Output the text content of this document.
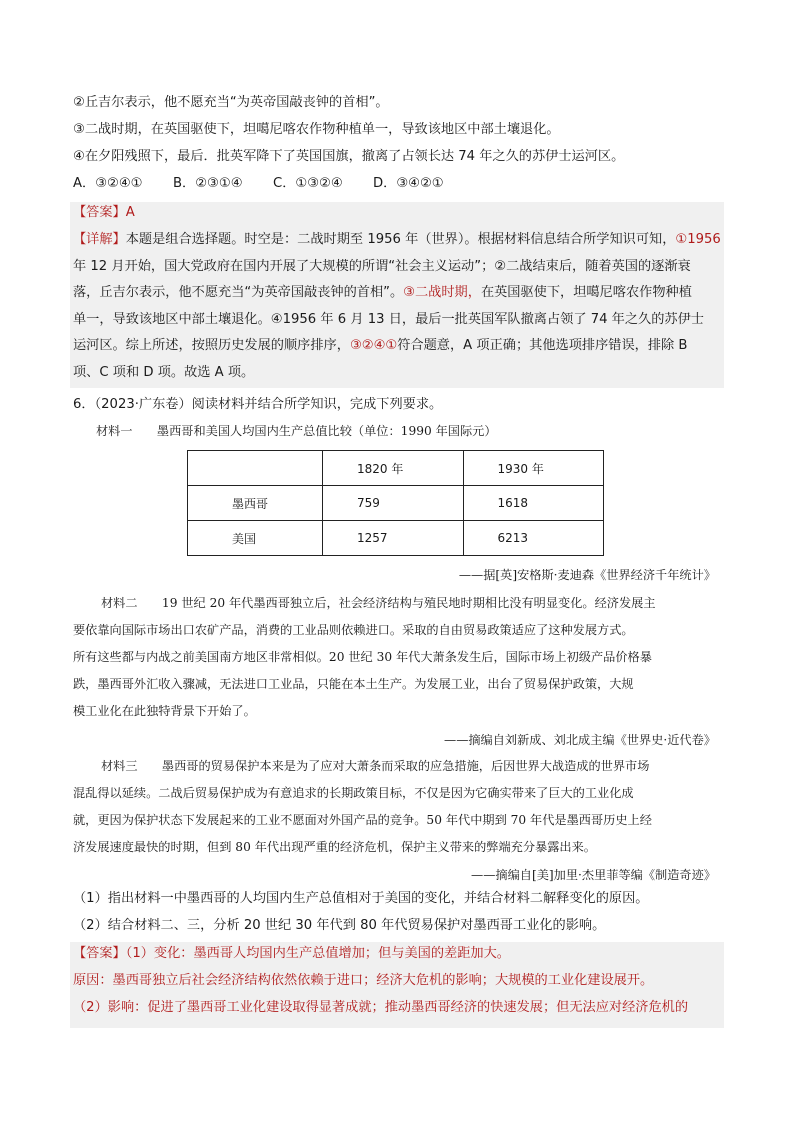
②丘吉尔表示，他不愿充当“为英帝国敲丧钟的首相”。
③二战时期，在英国驱使下，坦噶尼喀农作物种植单一，导致该地区中部土壤退化。
④在夕阳残照下，最后．批英军降下了英国国旗，撤离了占领长达 74 年之久的苏伊士运河区。
A．③②④① B．②③①④ C．①③②④ D．③④②①
【答案】A
【详解】本题是组合选择题。时空是：二战时期至 1956 年（世界）。根据材料信息结合所学知识可知，①1956
年 12 月开始，国大党政府在国内开展了大规模的所谓“社会主义运动”；②二战结束后，随着英国的逐渐衰
落，丘吉尔表示，他不愿充当“为英帝国敲丧钟的首相”。③二战时期，在英国驱使下，坦噶尼喀农作物种植
单一，导致该地区中部土壤退化。④1956 年 6 月 13 日，最后一批英国军队撤离占领了 74 年之久的苏伊士
运河区。综上所述，按照历史发展的顺序排序，③②④①符合题意，A 项正确；其他选项排序错误，排除 B
项、C 项和 D 项。故选 A 项。
6．（2023·广东卷）阅读材料并结合所学知识，完成下列要求。
材料一　　墨西哥和美国人均国内生产总值比较（单位：1990 年国际元）
	1820 年	1930 年
墨西哥	759	1618
美国	1257	6213
——据[英]安格斯·麦迪森《世界经济千年统计》
材料二　　19 世纪 20 年代墨西哥独立后，社会经济结构与殖民地时期相比没有明显变化。经济发展主
要依靠向国际市场出口农矿产品，消费的工业品则依赖进口。采取的自由贸易政策适应了这种发展方式。
所有这些都与内战之前美国南方地区非常相似。20 世纪 30 年代大萧条发生后，国际市场上初级产品价格暴
跌，墨西哥外汇收入骤减，无法进口工业品，只能在本土生产。为发展工业，出台了贸易保护政策，大规
模工业化在此独特背景下开始了。
——摘编自刘新成、刘北成主编《世界史·近代卷》
材料三　　墨西哥的贸易保护本来是为了应对大萧条而采取的应急措施，后因世界大战造成的世界市场
混乱得以延续。二战后贸易保护成为有意追求的长期政策目标，不仅是因为它确实带来了巨大的工业化成
就，更因为保护状态下发展起来的工业不愿面对外国产品的竞争。50 年代中期到 70 年代是墨西哥历史上经
济发展速度最快的时期，但到 80 年代出现严重的经济危机，保护主义带来的弊端充分暴露出来。
——摘编自[美]加里·杰里菲等编《制造奇迹》
（1）指出材料一中墨西哥的人均国内生产总值相对于美国的变化，并结合材料二解释变化的原因。
（2）结合材料二、三，分析 20 世纪 30 年代到 80 年代贸易保护对墨西哥工业化的影响。
【答案】（1）变化：墨西哥人均国内生产总值增加；但与美国的差距加大。
原因：墨西哥独立后社会经济结构依然依赖于进口；经济大危机的影响；大规模的工业化建设展开。
（2）影响：促进了墨西哥工业化建设取得显著成就；推动墨西哥经济的快速发展；但无法应对经济危机的
